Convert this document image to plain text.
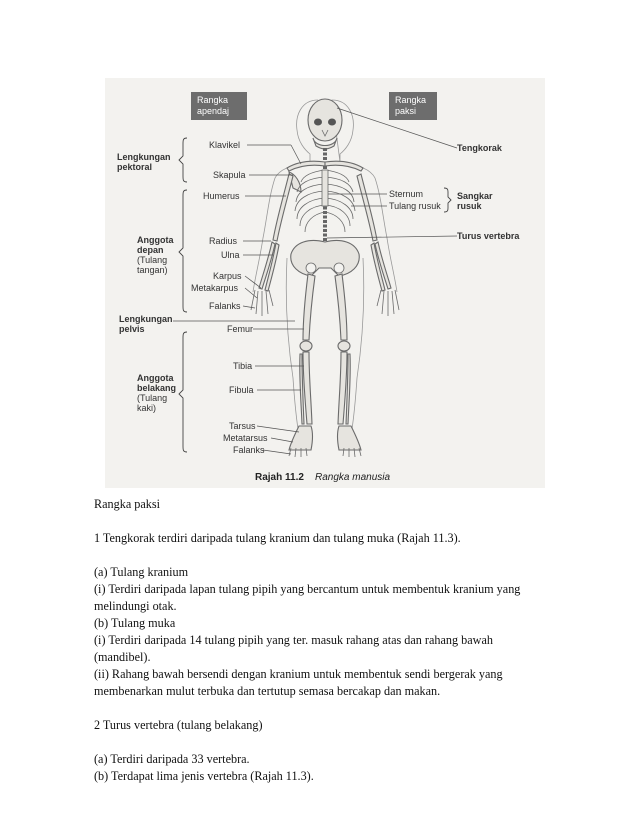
Rangka
apendaj
Rangka
paksi
Lengkungan
pektoral
Anggota
depan
(Tulang
tangan)
Lengkungan
pelvis
Anggota
belakang
(Tulang
kaki)
Klavikel
Skapula
Humerus
Radius
Ulna
Karpus
Metakarpus
Falanks
Femur
Tibia
Fibula
Tarsus
Metatarsus
Falanks
Tengkorak
Sternum
Tulang rusuk
Sangkar
rusuk
Turus vertebra
Rajah 11.2 Rangka manusia

Rangka paksi

1 Tengkorak terdiri daripada tulang kranium dan tulang muka (Rajah 11.3).

(a) Tulang kranium

(i) Terdiri daripada lapan tulang pipih yang bercantum untuk membentuk kranium yang

melindungi otak.

(b) Tulang muka

(i) Terdiri daripada 14 tulang pipih yang ter. masuk rahang atas dan rahang bawah

(mandibel).

(ii) Rahang bawah bersendi dengan kranium untuk membentuk sendi bergerak yang

membenarkan mulut terbuka dan tertutup semasa bercakap dan makan.

2 Turus vertebra (tulang belakang)

(a) Terdiri daripada 33 vertebra.

(b) Terdapat lima jenis vertebra (Rajah 11.3).
